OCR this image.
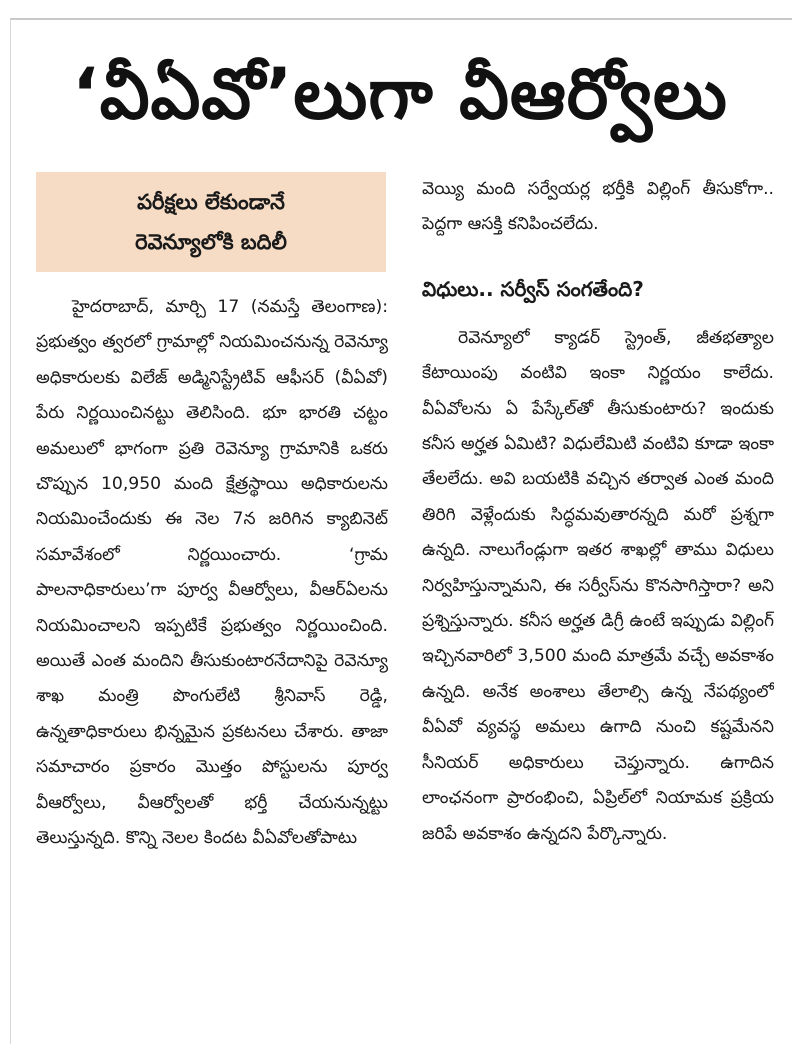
‘వీఏవో’లుగా వీఆర్వోలు
పరీక్షలు లేకుండానే
రెవెన్యూలోకి బదిలీ

హైదరాబాద్‌, మార్చి 17 (నమస్తే తెలంగాణ): ప్రభుత్వం త్వరలో గ్రామాల్లో నియమించనున్న రెవెన్యూ అధికారులకు విలేజ్‌ అడ్మినిస్ట్రేటివ్‌ ఆఫీసర్‌ (వీఏవో) పేరు నిర్ణయించినట్టు తెలిసింది. భూ భారతి చట్టం అమలులో భాగంగా ప్రతి రెవెన్యూ గ్రామానికి ఒకరు చొప్పున 10,950 మంది క్షేత్రస్థాయి అధికారులను నియమించేందుకు ఈ నెల 7న జరిగిన క్యాబినెట్‌ సమావేశంలో నిర్ణయించారు. ‘గ్రామ పాలనాధికారులు’గా పూర్వ వీఆర్వోలు, వీఆర్‌ఏలను నియమించాలని ఇప్పటికే ప్రభుత్వం నిర్ణయించింది. అయితే ఎంత మందిని తీసుకుంటారనేదానిపై రెవెన్యూ శాఖ మంత్రి పొంగులేటి శ్రీనివాస్‌ రెడ్డి, ఉన్నతాధికారులు భిన్నమైన ప్రకటనలు చేశారు. తాజా సమాచారం ప్రకారం మొత్తం పోస్టులను పూర్వ వీఆర్వోలు, వీఆర్వోలతో భర్తీ చేయనున్నట్టు తెలుస్తున్నది. కొన్ని నెలల కిందట వీఏవోలతోపాటు

వెయ్యి మంది సర్వేయర్ల భర్తీకి విల్లింగ్‌ తీసుకోగా.. పెద్దగా ఆసక్తి కనిపించలేదు.

విధులు.. సర్వీస్‌ సంగతేంది?

రెవెన్యూలో క్యాడర్‌ స్ట్రెంత్‌, జీతభత్యాల కేటాయింపు వంటివి ఇంకా నిర్ణయం కాలేదు. వీఏవోలను ఏ పేస్కేల్‌తో తీసుకుంటారు? ఇందుకు కనీస అర్హత ఏమిటి? విధులేమిటి వంటివి కూడా ఇంకా తేలలేదు. అవి బయటికి వచ్చిన తర్వాత ఎంత మంది తిరిగి వెళ్లేందుకు సిద్ధమవుతారన్నది మరో ప్రశ్నగా ఉన్నది. నాలుగేండ్లుగా ఇతర శాఖల్లో తాము విధులు నిర్వహిస్తున్నామని, ఈ సర్వీస్‌ను కొనసాగిస్తారా? అని ప్రశ్నిస్తున్నారు. కనీస అర్హత డిగ్రీ ఉంటే ఇప్పుడు విల్లింగ్‌ ఇచ్చినవారిలో 3,500 మంది మాత్రమే వచ్చే అవకాశం ఉన్నది. అనేక అంశాలు తేలాల్సి ఉన్న నేపథ్యంలో వీఏవో వ్యవస్థ అమలు ఉగాది నుంచి కష్టమేనని సీనియర్‌ అధికారులు చెప్తున్నారు. ఉగాదిన లాంఛనంగా ప్రారంభించి, ఏప్రిల్‌లో నియామక ప్రక్రియ జరిపే అవకాశం ఉన్నదని పేర్కొన్నారు.
